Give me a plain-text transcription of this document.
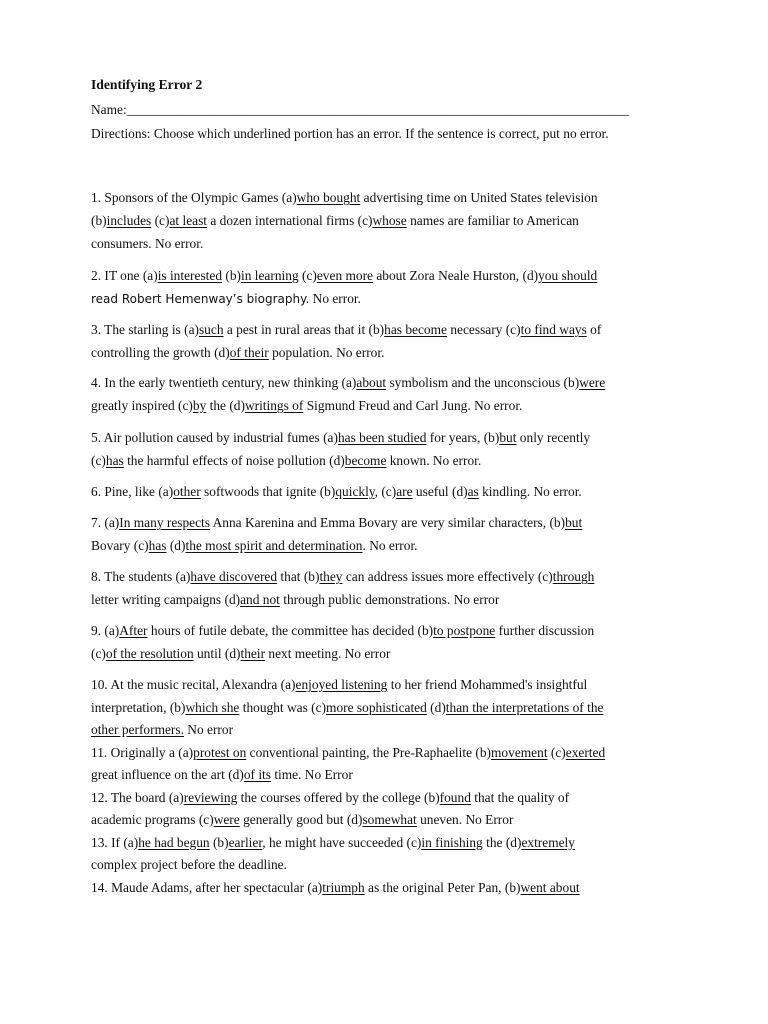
Identifying Error 2
Name:___________________________________________________________________________
Directions: Choose which underlined portion has an error. If the sentence is correct, put no error.
1. Sponsors of the Olympic Games (a)who bought advertising time on United States television
(b)includes (c)at least a dozen international firms (c)whose names are familiar to American
consumers. No error.
2. IT one (a)is interested (b)in learning (c)even more about Zora Neale Hurston, (d)you should
read Robert Hemenway’s biography. No error.
3. The starling is (a)such a pest in rural areas that it (b)has become necessary (c)to find ways of
controlling the growth (d)of their population. No error.
4. In the early twentieth century, new thinking (a)about symbolism and the unconscious (b)were
greatly inspired (c)by the (d)writings of Sigmund Freud and Carl Jung. No error.
5. Air pollution caused by industrial fumes (a)has been studied for years, (b)but only recently
(c)has the harmful effects of noise pollution (d)become known. No error.
6. Pine, like (a)other softwoods that ignite (b)quickly, (c)are useful (d)as kindling. No error.
7. (a)In many respects Anna Karenina and Emma Bovary are very similar characters, (b)but
Bovary (c)has (d)the most spirit and determination. No error.
8. The students (a)have discovered that (b)they can address issues more effectively (c)through
letter writing campaigns (d)and not through public demonstrations. No error
9. (a)After hours of futile debate, the committee has decided (b)to postpone further discussion
(c)of the resolution until (d)their next meeting. No error
10. At the music recital, Alexandra (a)enjoyed listening to her friend Mohammed's insightful
interpretation, (b)which she thought was (c)more sophisticated (d)than the interpretations of the
other performers. No error
11. Originally a (a)protest on conventional painting, the Pre-Raphaelite (b)movement (c)exerted
great influence on the art (d)of its time. No Error
12. The board (a)reviewing the courses offered by the college (b)found that the quality of
academic programs (c)were generally good but (d)somewhat uneven. No Error
13. If (a)he had begun (b)earlier, he might have succeeded (c)in finishing the (d)extremely
complex project before the deadline.
14. Maude Adams, after her spectacular (a)triumph as the original Peter Pan, (b)went about
